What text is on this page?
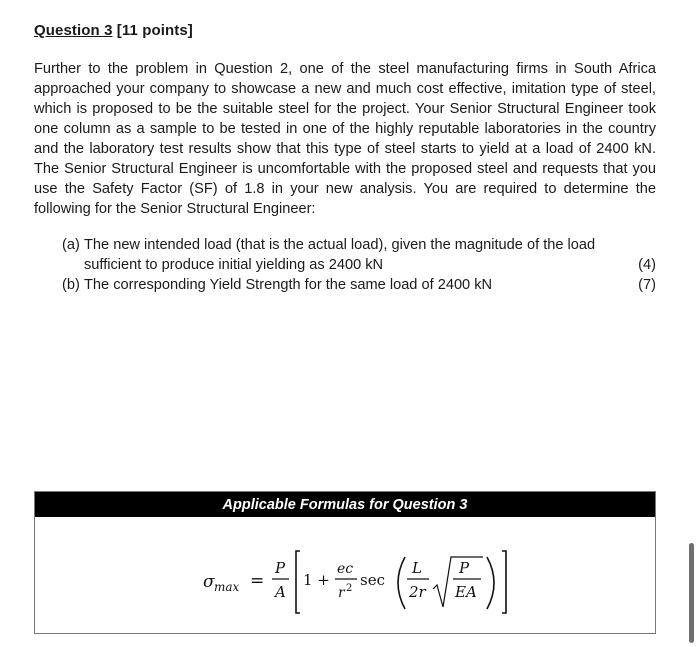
Question 3 [11 points]
Further to the problem in Question 2, one of the steel manufacturing firms in South Africa approached your company to showcase a new and much cost effective, imitation type of steel, which is proposed to be the suitable steel for the project. Your Senior Structural Engineer took one column as a sample to be tested in one of the highly reputable laboratories in the country and the laboratory test results show that this type of steel starts to yield at a load of 2400 kN. The Senior Structural Engineer is uncomfortable with the proposed steel and requests that you use the Safety Factor (SF) of 1.8 in your new analysis. You are required to determine the following for the Senior Structural Engineer:
(a) The new intended load (that is the actual load), given the magnitude of the load
sufficient to produce initial yielding as 2400 kN	(4)
(b) The corresponding Yield Strength for the same load of 2400 kN	(7)
Applicable Formulas for Question 3
σ max =
P
A
1 +
ec
r 2 sec
L
2r
P
EA
